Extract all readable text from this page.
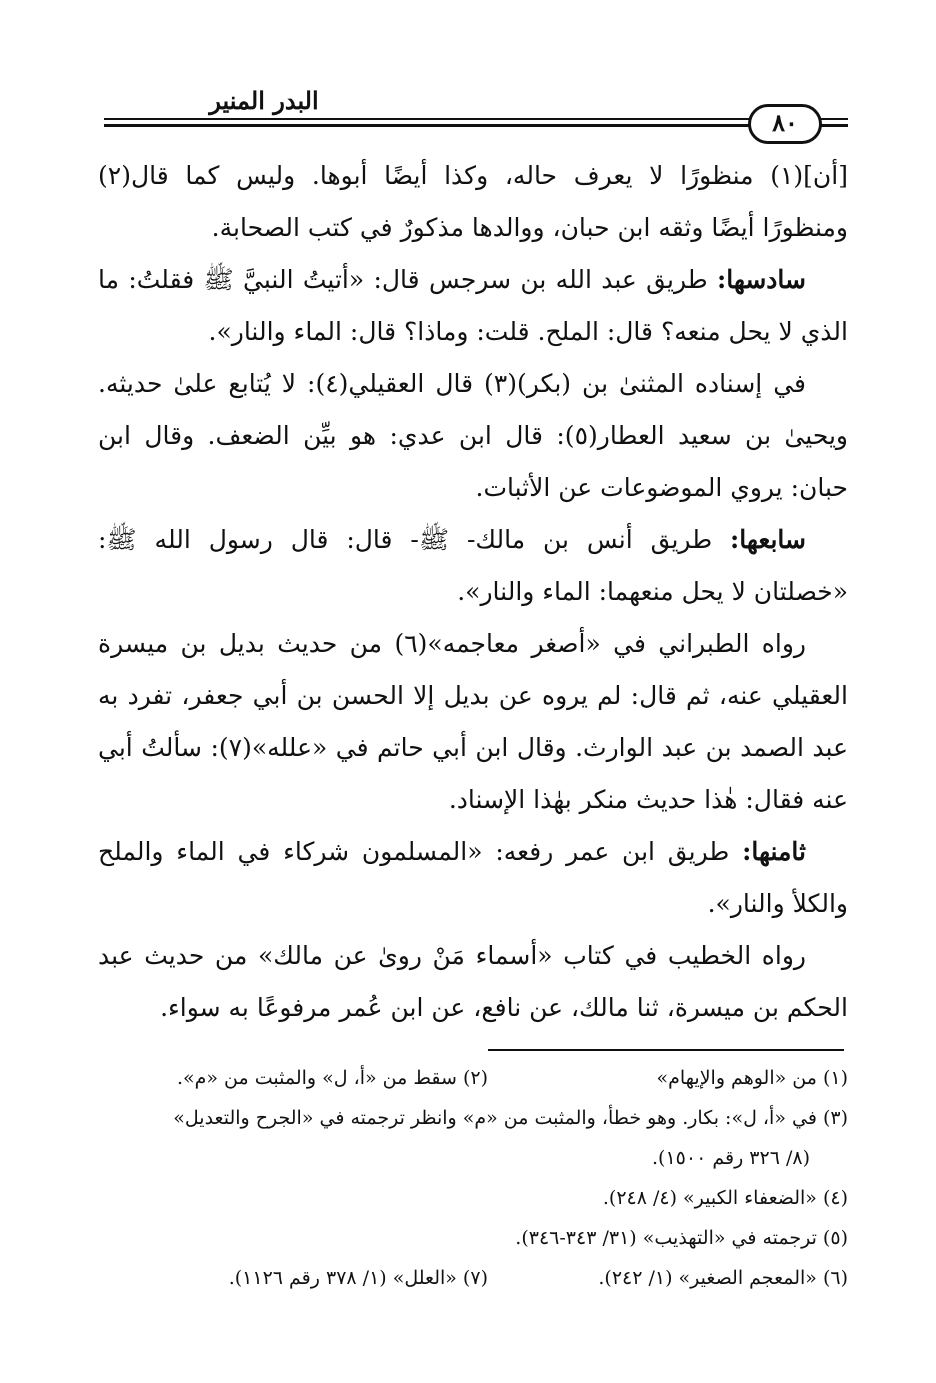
البدر المنير
٨٠

[أن](١) منظورًا لا يعرف حاله، وكذا أيضًا أبوها. وليس كما قال(٢) ومنظورًا أيضًا وثقه ابن حبان، ووالدها مذكورٌ في كتب الصحابة.

سادسها: طريق عبد الله بن سرجس قال: «أتيتُ النبيَّ ﷺ فقلتُ: ما الذي لا يحل منعه؟ قال: الملح. قلت: وماذا؟ قال: الماء والنار».

في إسناده المثنىٰ بن (بكر)(٣) قال العقيلي(٤): لا يُتابع علىٰ حديثه. ويحيىٰ بن سعيد العطار(٥): قال ابن عدي: هو بيِّن الضعف. وقال ابن حبان: يروي الموضوعات عن الأثبات.

سابعها: طريق أنس بن مالك- ﷺ- قال: قال رسول الله ﷺ: «خصلتان لا يحل منعهما: الماء والنار».

رواه الطبراني في «أصغر معاجمه»(٦) من حديث بديل بن ميسرة العقيلي عنه، ثم قال: لم يروه عن بديل إلا الحسن بن أبي جعفر، تفرد به عبد الصمد بن عبد الوارث. وقال ابن أبي حاتم في «علله»(٧): سألتُ أبي عنه فقال: هٰذا حديث منكر بهٰذا الإسناد.

ثامنها: طريق ابن عمر رفعه: «المسلمون شركاء في الماء والملح والكلأ والنار».

رواه الخطيب في كتاب «أسماء مَنْ روىٰ عن مالك» من حديث عبد الحكم بن ميسرة، ثنا مالك، عن نافع، عن ابن عُمر مرفوعًا به سواء.

(١) من «الوهم والإيهام»
(٢) سقط من «أ، ل» والمثبت من «م».
(٣) في «أ، ل»: بكار. وهو خطأ، والمثبت من «م» وانظر ترجمته في «الجرح والتعديل»
(٨/ ٣٢٦ رقم ١٥٠٠).
(٤) «الضعفاء الكبير» (٤/ ٢٤٨).
(٥) ترجمته في «التهذيب» (٣١/ ٣٤٣-٣٤٦).
(٦) «المعجم الصغير» (١/ ٢٤٢).
(٧) «العلل» (١/ ٣٧٨ رقم ١١٢٦).
